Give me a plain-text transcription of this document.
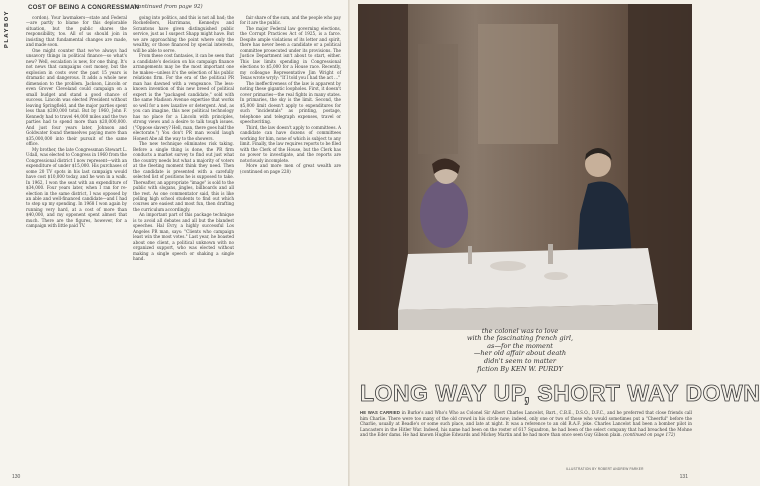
PLAYBOY
COST OF BEING A CONGRESSMAN
(continued from page 92)

cordon). Your lawmakers—state and Federal—are partly to blame for this deplorable situation, but the public shares the responsibility, too. All of us should join in insisting that fundamental changes are made, and made soon.

One might counter that we've always had unsavory things in political finance—so what's new? Well, escalation is new, for one thing. It's not news that campaigns cost money, but the explosion in costs over the past 15 years is dramatic and dangerous. It adds a whole new dimension to the problem. Jackson, Lincoln or even Grover Cleveland could campaign on a small budget and stand a good chance of success. Lincoln was elected President without leaving Springfield, and the major parties spent less than $200,000 total. But by 1960, John F. Kennedy had to travel 44,000 miles and the two parties had to spend more than $20,000,000. And just four years later, Johnson and Goldwater found themselves paying more than $35,000,000 into their pursuit of the same office.

My brother, the late Congressman Stewart L. Udall, was elected to Congress in 1960 from the Congressional district I now represent—with an expenditure of under $15,000. His purchases of some 20 TV spots in his last campaign would have cost $10,000 today, and he won in a walk. In 1962, I won the seat with an expenditure of $34,000. Four years later, when I ran for re-election in the same district, I was opposed by an able and well-financed candidate—and I had to step up my spending. In 1968 I won again by running very hard, at a cost of more than $40,000, and my opponent spent almost that much. There are the figures, however, for a campaign with little paid TV.

going into politics, and this is not all bad; the Rockefellers, Harrimans, Kennedys and Scrantons have given distinguished public service, just as I suspect Shapp might have. But we are approaching the point where only the wealthy, or those financed by special interests, will be able to serve.

From these cost fantasies, it can be seen that a candidate's decision on his campaign finance arrangements may be the most important one he makes—unless it's the selection of his public relations firm. For the era of the political PR man has dawned with a vengeance. The less-known invention of this new breed of political expert is the "packaged candidate," sold with the same Madison Avenue expertise that works so well for a new laxative or detergent. And, as you can imagine, this new political technology has no place for a Lincoln with principles, strong views and a desire to talk tough issues. ("Oppose slavery? Hell, man, there goes half the electorate.") You don't PR man would laugh Honest Abe all the way to the showers.

The new technique eliminates risk taking. Before a single thing is done, the PR firm conducts a market survey to find out just what the country needs but what a majority of voters at the fleeting moment think they need. Then the candidate is presented with a carefully selected list of positions he is supposed to take. Thereafter, an appropriate "image" is sold to the public with slogans, jingles, billboards and all the rest. As one commentator said, this is like polling high school students to find out which courses are easiest and most fun, then drafting the curriculum accordingly.

An important part of this package technique is to avoid all debates and all but the blandest speeches. Hal Evry, a highly successful Los Angeles PR man, says: "Clients who campaign least win the most votes." Last year, he boasted about one client, a political unknown with no organized support, who was elected without making a single speech or shaking a single hand.

fair share of the sum, and the people who pay for it are the public.

The major Federal law governing elections, the Corrupt Practices Act of 1925, is a farce. Despite ample violations of its letter and spirit, there has never been a candidate or a political committee prosecuted under its provisions. The Justice Department isn't about to start, either. This law limits spending in Congressional elections to $5,000 for a House race. Recently, my colleague Representative Jim Wright of Texas wrote wryly: "If I told you I had the act ..."

The ineffectiveness of the law is apparent by noting these gigantic loopholes. First, it doesn't cover primaries—the real fights in many states. In primaries, the sky is the limit. Second, the $5,000 limit doesn't apply to expenditures for such "incidentals" as printing, postage, telephone and telegraph expenses, travel or speechwriting.

Third, the law doesn't apply to committees. A candidate can have dozens of committees working for him, none of which is subject to any limit. Finally, the law requires reports to be filed with the Clerk of the House, but the Clerk has no power to investigate, and the reports are notoriously incomplete.

More and more men of great wealth are (continued on page 228)

130	131
the colonel was to love
with the fascinating french girl,
as—for the moment
—her old affair about death
didn't seem to matter
fiction By KEN W. PURDY
LONG WAY UP, SHORT WAY DOWN
HE WAS CARRIED in Burke's and Who's Who as Colonel Sir Albert Charles Lancelot, Bart., C.B.E., D.S.O., D.F.C., and he preferred that close friends call him Charlie. There were too many of the old crowd in his circle now; indeed, only one or two of those who would sometimes put a "Cheerful" before the Charlie, usually at Beadle's or some such place, and late at night. It was a reference to an old R.A.F. joke. Charles Lancelot had been a bomber pilot in Lancasters in the Hitler War. Indeed, his name had been on the roster of 617 Squadron, he had been of the select company that had breached the Mohne and the Eder dams. He had known Hughie Edwards and Mickey Martin and he had more than once seen Guy Gibson plain. (continued on page 172)
ILLUSTRATION BY ROBERT ANDREW PARKER
